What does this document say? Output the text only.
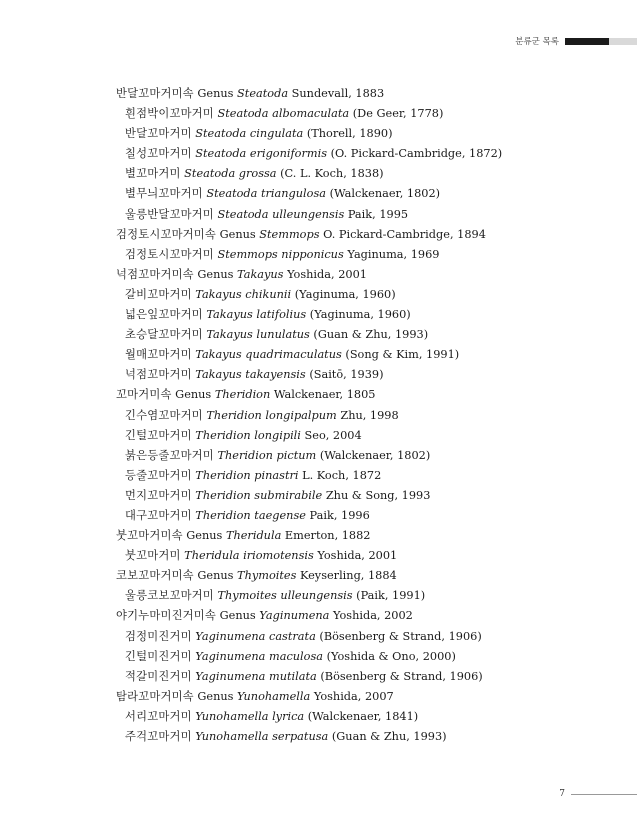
분류군 목록
반달꼬마거미속 Genus Steatoda Sundevall, 1883
흰점박이꼬마거미 Steatoda albomaculata (De Geer, 1778)
반달꼬마거미 Steatoda cingulata (Thorell, 1890)
칠성꼬마거미 Steatoda erigoniformis (O. Pickard-Cambridge, 1872)
별꼬마거미 Steatoda grossa (C. L. Koch, 1838)
별무늬꼬마거미 Steatoda triangulosa (Walckenaer, 1802)
울릉반달꼬마거미 Steatoda ulleungensis Paik, 1995
검정토시꼬마거미속 Genus Stemmops O. Pickard-Cambridge, 1894
검정토시꼬마거미 Stemmops nipponicus Yaginuma, 1969
넉점꼬마거미속 Genus Takayus Yoshida, 2001
갈비꼬마거미 Takayus chikunii (Yaginuma, 1960)
넓은잎꼬마거미 Takayus latifolius (Yaginuma, 1960)
초승달꼬마거미 Takayus lunulatus (Guan & Zhu, 1993)
월매꼬마거미 Takayus quadrimaculatus (Song & Kim, 1991)
넉점꼬마거미 Takayus takayensis (Saitō, 1939)
꼬마거미속 Genus Theridion Walckenaer, 1805
긴수염꼬마거미 Theridion longipalpum Zhu, 1998
긴털꼬마거미 Theridion longipili Seo, 2004
붉은등줄꼬마거미 Theridion pictum (Walckenaer, 1802)
등줄꼬마거미 Theridion pinastri L. Koch, 1872
먼지꼬마거미 Theridion submirabile Zhu & Song, 1993
대구꼬마거미 Theridion taegense Paik, 1996
붓꼬마거미속 Genus Theridula Emerton, 1882
붓꼬마거미 Theridula iriomotensis Yoshida, 2001
코보꼬마거미속 Genus Thymoites Keyserling, 1884
울릉코보꼬마거미 Thymoites ulleungensis (Paik, 1991)
야기누마미진거미속 Genus Yaginumena Yoshida, 2002
검정미진거미 Yaginumena castrata (Bösenberg & Strand, 1906)
긴털미진거미 Yaginumena maculosa (Yoshida & Ono, 2000)
적갈미진거미 Yaginumena mutilata (Bösenberg & Strand, 1906)
탐라꼬마거미속 Genus Yunohamella Yoshida, 2007
서리꼬마거미 Yunohamella lyrica (Walckenaer, 1841)
주걱꼬마거미 Yunohamella serpatusa (Guan & Zhu, 1993)
7
